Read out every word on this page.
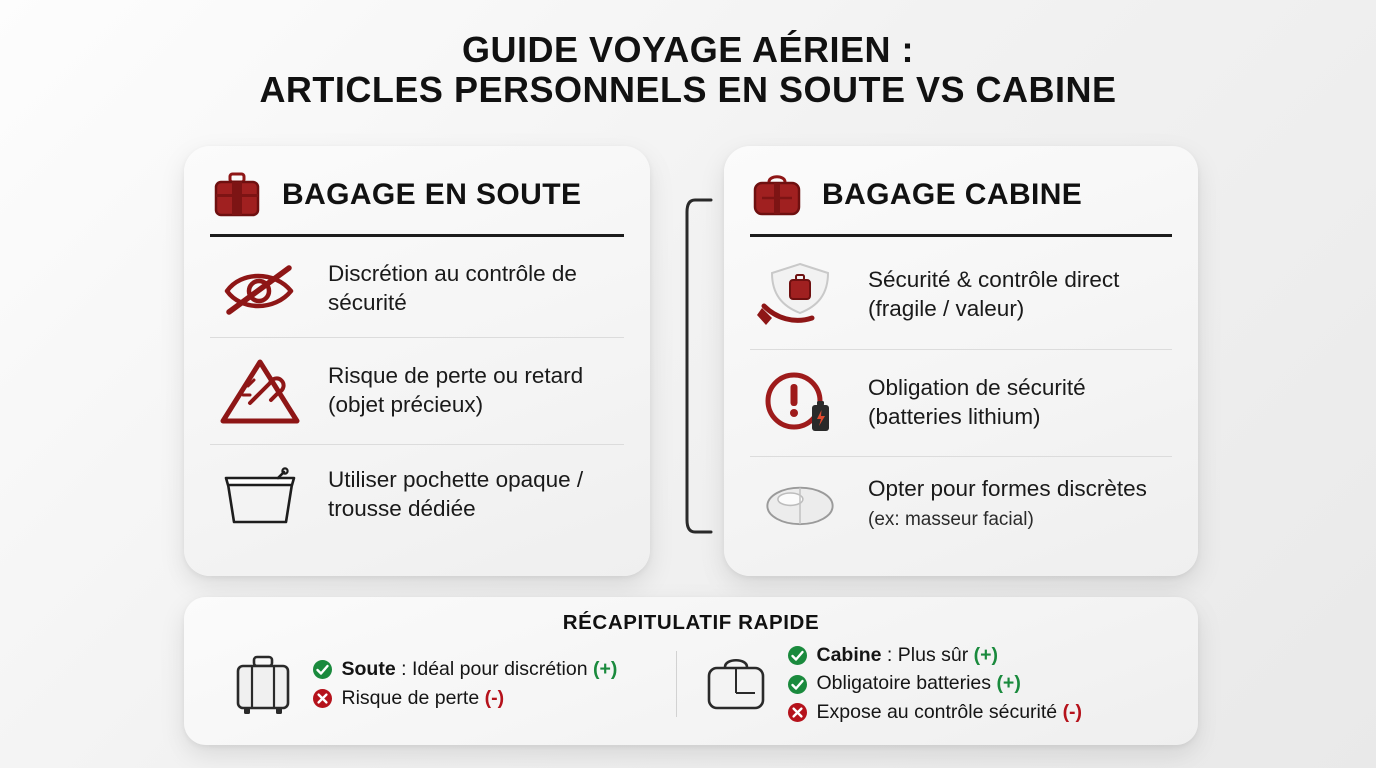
GUIDE VOYAGE AÉRIEN :
ARTICLES PERSONNELS EN SOUTE VS CABINE
BAGAGE EN SOUTE
Discrétion au contrôle de sécurité
Risque de perte ou retard (objet précieux)
Utiliser pochette opaque / trousse dédiée
BAGAGE CABINE
Sécurité & contrôle direct (fragile / valeur)
Obligation de sécurité (batteries lithium)
Opter pour formes discrètes (ex: masseur facial)
RÉCAPITULATIF RAPIDE
Soute : Idéal pour discrétion (+)
Risque de perte (-)
Cabine : Plus sûr (+)
Obligatoire batteries (+)
Expose au contrôle sécurité (-)
